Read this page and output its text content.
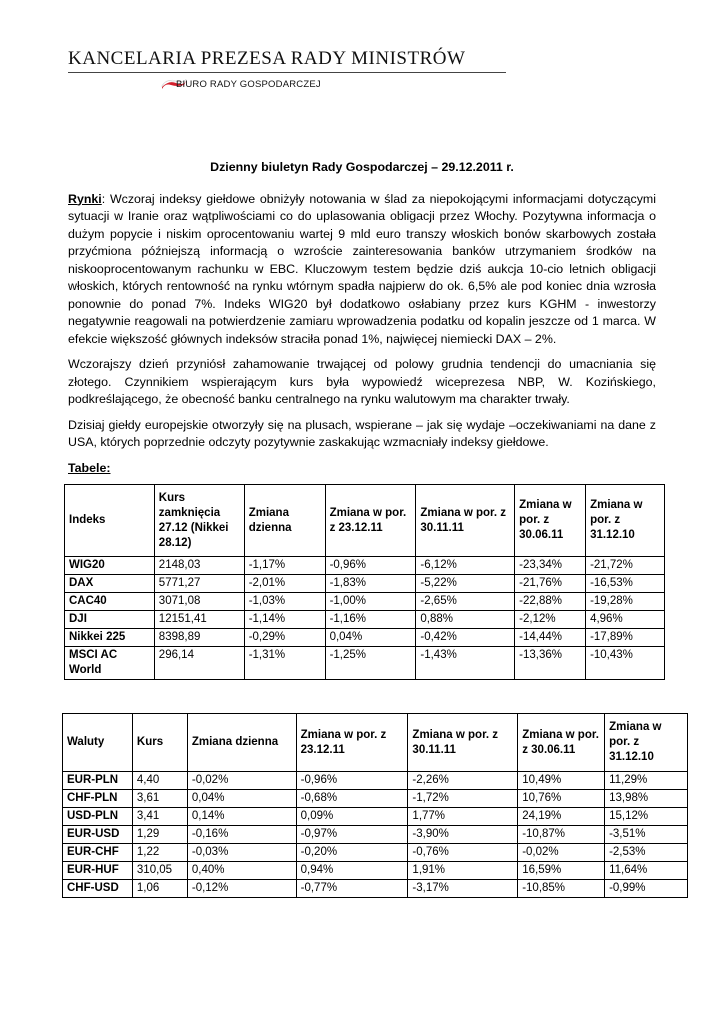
KANCELARIA PREZESA RADY MINISTRÓW
BIURO RADY GOSPODARCZEJ
Dzienny biuletyn Rady Gospodarczej – 29.12.2011 r.

Rynki: Wczoraj indeksy giełdowe obniżyły notowania w ślad za niepokojącymi informacjami dotyczącymi sytuacji w Iranie oraz wątpliwościami co do uplasowania obligacji przez Włochy. Pozytywna informacja o dużym popycie i niskim oprocentowaniu wartej 9 mld euro transzy włoskich bonów skarbowych została przyćmiona późniejszą informacją o wzroście zainteresowania banków utrzymaniem środków na niskooprocentowanym rachunku w EBC. Kluczowym testem będzie dziś aukcja 10-cio letnich obligacji włoskich, których rentowność na rynku wtórnym spadła najpierw do ok. 6,5% ale pod koniec dnia wzrosła ponownie do ponad 7%. Indeks WIG20 był dodatkowo osłabiany przez kurs KGHM - inwestorzy negatywnie reagowali na potwierdzenie zamiaru wprowadzenia podatku od kopalin jeszcze od 1 marca. W efekcie większość głównych indeksów straciła ponad 1%, najwięcej niemiecki DAX – 2%.

Wczorajszy dzień przyniósł zahamowanie trwającej od polowy grudnia tendencji do umacniania się złotego. Czynnikiem wspierającym kurs była wypowiedź wiceprezesa NBP, W. Kozińskiego, podkreślającego, że obecność banku centralnego na rynku walutowym ma charakter trwały.

Dzisiaj giełdy europejskie otworzyły się na plusach, wspierane – jak się wydaje –oczekiwaniami na dane z USA, których poprzednie odczyty pozytywnie zaskakując wzmacniały indeksy giełdowe.

Tabele:
Indeks	Kurs zamknięcia 27.12 (Nikkei 28.12)	Zmiana dzienna	Zmiana w por. z 23.12.11	Zmiana w por. z 30.11.11	Zmiana w por. z 30.06.11	Zmiana w por. z 31.12.10
WIG20	2148,03	-1,17%	-0,96%	-6,12%	-23,34%	-21,72%
DAX	5771,27	-2,01%	-1,83%	-5,22%	-21,76%	-16,53%
CAC40	3071,08	-1,03%	-1,00%	-2,65%	-22,88%	-19,28%
DJI	12151,41	-1,14%	-1,16%	0,88%	-2,12%	4,96%
Nikkei 225	8398,89	-0,29%	0,04%	-0,42%	-14,44%	-17,89%
MSCI AC World	296,14	-1,31%	-1,25%	-1,43%	-13,36%	-10,43%
Waluty	Kurs	Zmiana dzienna	Zmiana w por. z 23.12.11	Zmiana w por. z 30.11.11	Zmiana w por. z 30.06.11	Zmiana w por. z 31.12.10
EUR-PLN	4,40	-0,02%	-0,96%	-2,26%	10,49%	11,29%
CHF-PLN	3,61	0,04%	-0,68%	-1,72%	10,76%	13,98%
USD-PLN	3,41	0,14%	0,09%	1,77%	24,19%	15,12%
EUR-USD	1,29	-0,16%	-0,97%	-3,90%	-10,87%	-3,51%
EUR-CHF	1,22	-0,03%	-0,20%	-0,76%	-0,02%	-2,53%
EUR-HUF	310,05	0,40%	0,94%	1,91%	16,59%	11,64%
CHF-USD	1,06	-0,12%	-0,77%	-3,17%	-10,85%	-0,99%
